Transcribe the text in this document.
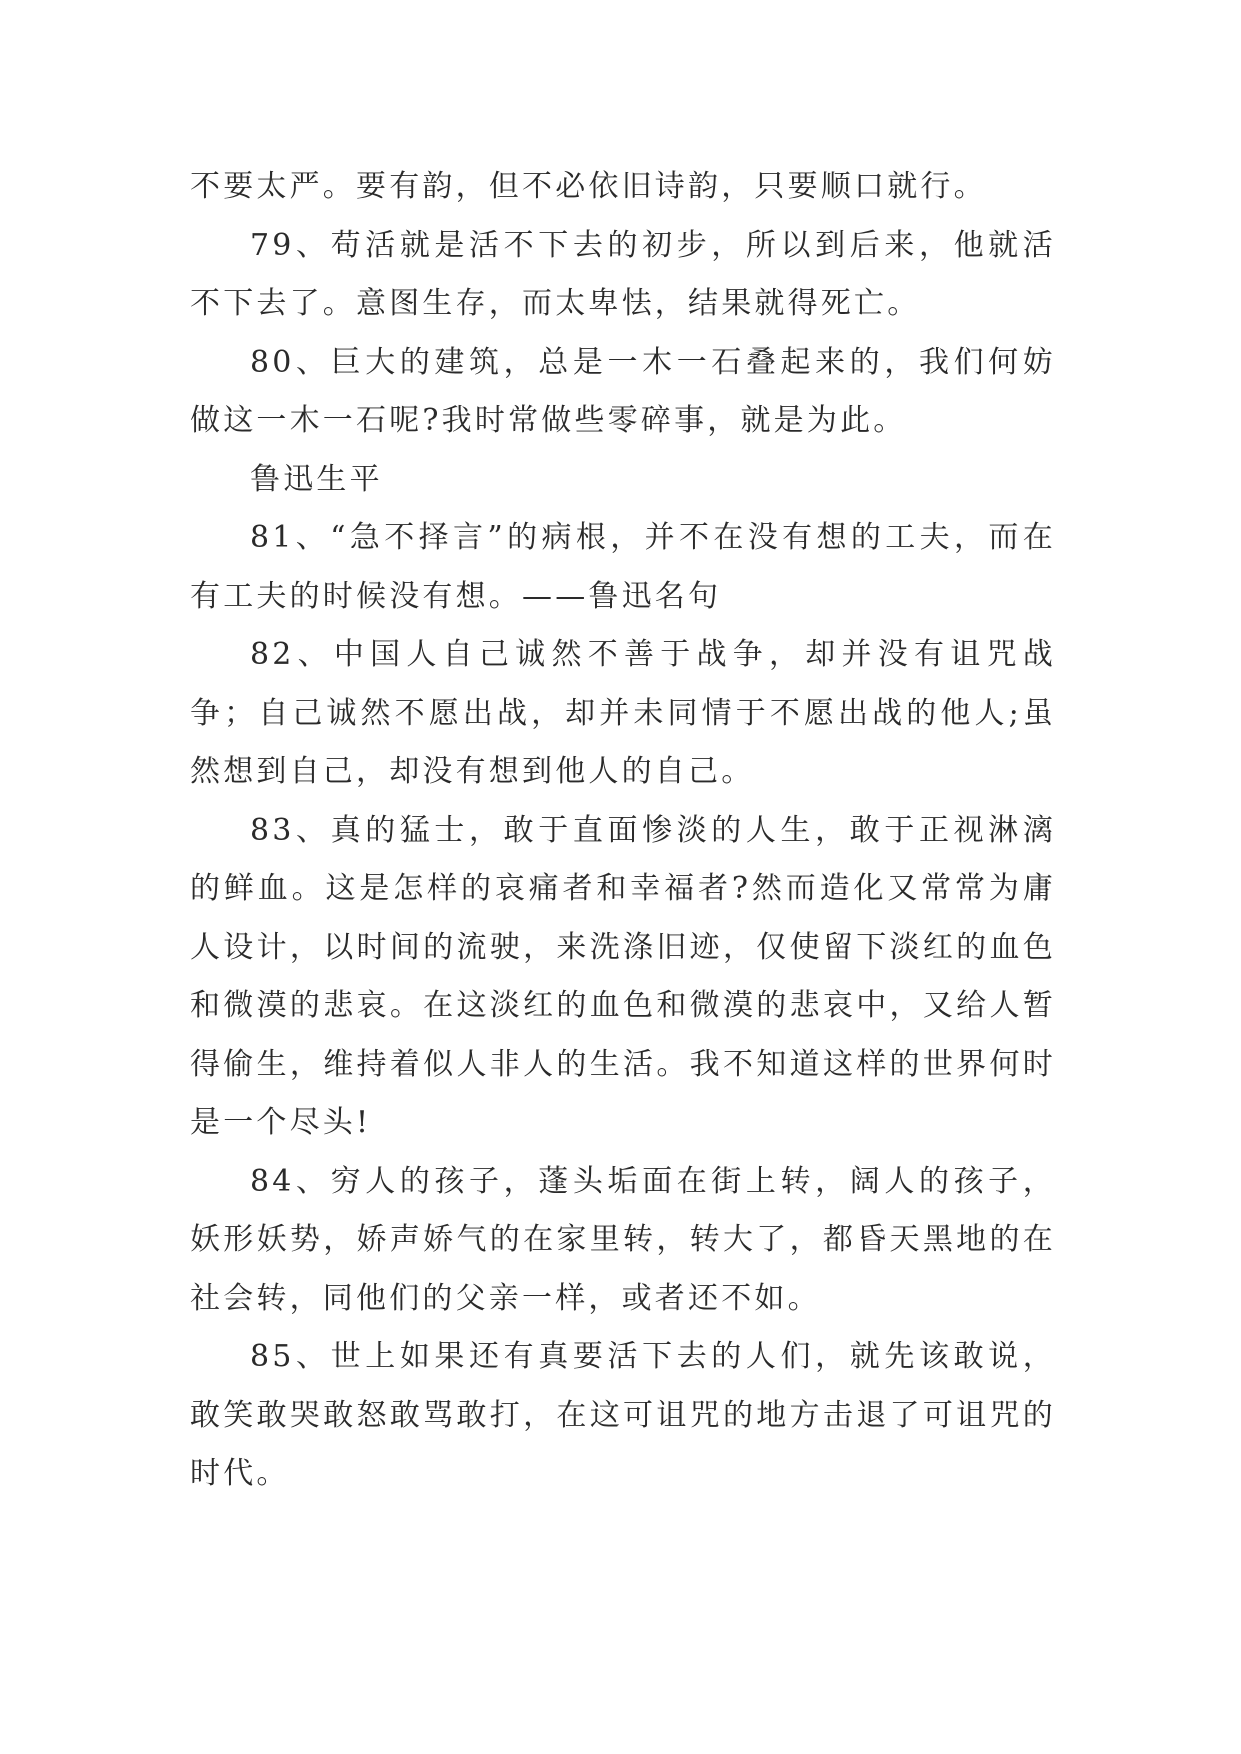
不要太严。要有韵，但不必依旧诗韵，只要顺口就行。

79、苟活就是活不下去的初步，所以到后来，他就活不下去了。意图生存，而太卑怯，结果就得死亡。

80、巨大的建筑，总是一木一石叠起来的，我们何妨做这一木一石呢?我时常做些零碎事，就是为此。

鲁迅生平

81、“急不择言”的病根，并不在没有想的工夫，而在有工夫的时候没有想。——鲁迅名句

82、中国人自己诚然不善于战争，却并没有诅咒战争；自己诚然不愿出战，却并未同情于不愿出战的他人;虽然想到自己，却没有想到他人的自己。

83、真的猛士，敢于直面惨淡的人生，敢于正视淋漓的鲜血。这是怎样的哀痛者和幸福者?然而造化又常常为庸人设计，以时间的流驶，来洗涤旧迹，仅使留下淡红的血色和微漠的悲哀。在这淡红的血色和微漠的悲哀中，又给人暂得偷生，维持着似人非人的生活。我不知道这样的世界何时是一个尽头!

84、穷人的孩子，蓬头垢面在街上转，阔人的孩子，妖形妖势，娇声娇气的在家里转，转大了，都昏天黑地的在社会转，同他们的父亲一样，或者还不如。

85、世上如果还有真要活下去的人们，就先该敢说，敢笑敢哭敢怒敢骂敢打，在这可诅咒的地方击退了可诅咒的时代。
